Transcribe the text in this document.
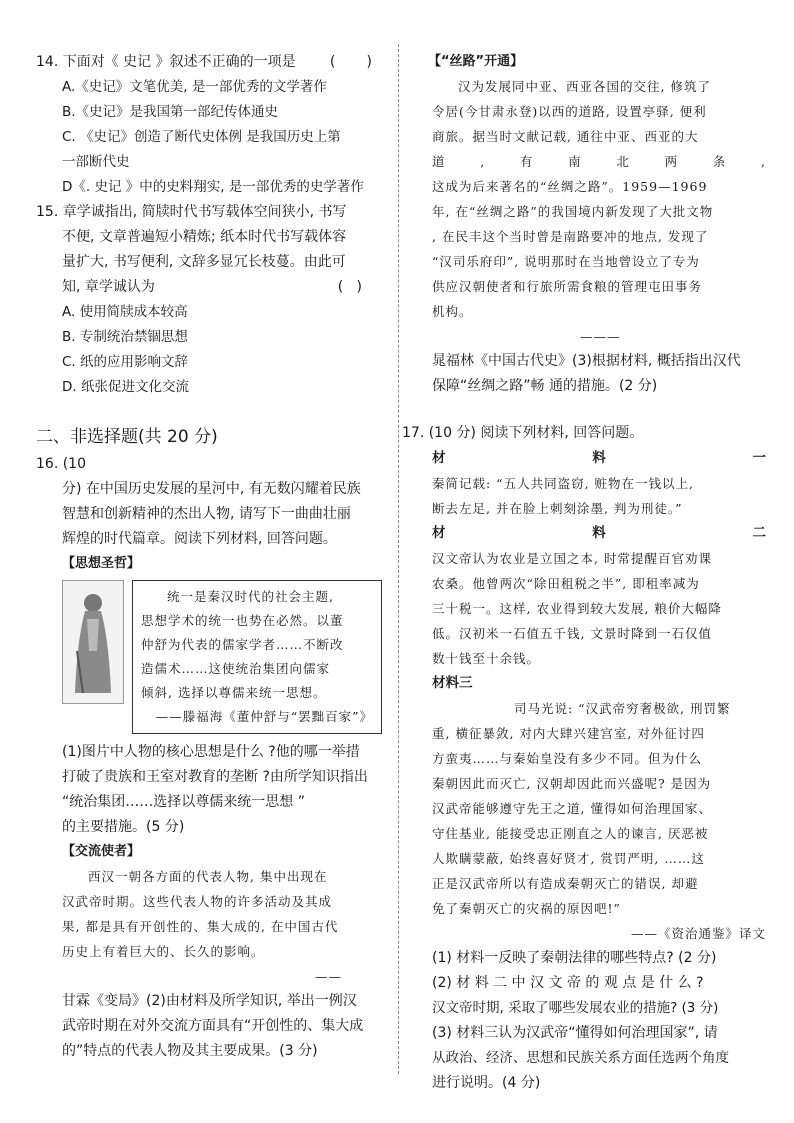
14. 下面对《 史记 》叙述不正确的一项是 (       )

A.《史记》文笔优美, 是一部优秀的文学著作

B.《史记》是我国第一部纪传体通史

C. 《史记》创造了断代史体例 是我国历史上第

一部断代史

D《. 史记 》中的史料翔实, 是一部优秀的史学著作

15. 章学诚指出, 简牍时代书写载体空间狭小, 书写

不便, 文章普遍短小精炼; 纸本时代书写载体容

量扩大, 书写便利, 文辞多显冗长枝蔓。由此可

知, 章学诚认为	(   )

A. 使用简牍成本较高

B. 专制统治禁锢思想

C. 纸的应用影响文辞

D. 纸张促进文化交流

二、非选择题(共 20 分)

16. (10

分) 在中国历史发展的星河中, 有无数闪耀着民族

智慧和创新精神的杰出人物, 请写下一曲曲壮丽

辉煌的时代篇章。阅读下列材料, 回答问题。

【思想圣哲】

统一是秦汉时代的社会主题,

思想学术的统一也势在必然。以董

仲舒为代表的儒家学者……不断改

造儒术……这使统治集团向儒家

倾斜, 选择以尊儒来统一思想。

——滕福海《董仲舒与“罢黜百家”》

(1)图片中人物的核心思想是什么 ?他的哪一举措

打破了贵族和王室对教育的垄断 ?由所学知识指出

“统治集团……选择以尊儒来统一思想 ”

的主要措施。(5 分)

【交流使者】

西汉一朝各方面的代表人物, 集中出现在

汉武帝时期。这些代表人物的许多活动及其成

果, 都是具有开创性的、集大成的, 在中国古代

历史上有着巨大的、长久的影响。

——

甘霖《变局》(2)由材料及所学知识, 举出一例汉

武帝时期在对外交流方面具有“开创性的、集大成

的”特点的代表人物及其主要成果。(3 分)

【“丝路”开通】

汉为发展同中亚、西亚各国的交往, 修筑了

令居(今甘肃永登)以西的道路, 设置亭驿, 便利

商旅。据当时文献记载, 通往中亚、西亚的大

道	,	有	南	北	两	条	,

这成为后来著名的“丝绸之路”。1959—1969

年, 在“丝绸之路”的我国境内新发现了大批文物

, 在民丰这个当时曾是南路要冲的地点, 发现了

“汉司乐府印”, 说明那时在当地曾设立了专为

供应汉朝使者和行旅所需食粮的管理屯田事务

机构。

———

晁福林《中国古代史》(3)根据材料, 概括指出汉代

保障“丝绸之路”畅 通的措施。(2 分)

17. (10 分) 阅读下列材料, 回答问题。

材	料	一

秦简记载: “五人共同盗窃, 赃物在一钱以上,

断去左足, 并在脸上刺刻涂墨, 判为刑徒。”

材	料	二

汉文帝认为农业是立国之本, 时常提醒百官劝课

农桑。他曾两次“除田租税之半”, 即租率减为

三十税一。这样, 农业得到较大发展, 粮价大幅降

低。汉初米一石值五千钱, 文景时降到一石仅值

数十钱至十余钱。

材料三

司马光说: “汉武帝穷奢极欲, 刑罚繁

重, 横征暴敛, 对内大肆兴建宫室, 对外征讨四

方蛮夷……与秦始皇没有多少不同。但为什么

秦朝因此而灭亡, 汉朝却因此而兴盛呢? 是因为

汉武帝能够遵守先王之道, 懂得如何治理国家、

守住基业, 能接受忠正刚直之人的谏言, 厌恶被

人欺瞒蒙蔽, 始终喜好贤才, 赏罚严明, ……这

正是汉武帝所以有造成秦朝灭亡的错误, 却避

免了秦朝灭亡的灾祸的原因吧!”

——《资治通鉴》译文

(1) 材料一反映了秦朝法律的哪些特点? (2 分)

(2) 材 料 二 中 汉 文 帝 的 观 点 是 什 么 ?

汉文帝时期, 采取了哪些发展农业的措施? (3 分)

(3) 材料三认为汉武帝“懂得如何治理国家”, 请

从政治、经济、思想和民族关系方面任选两个角度

进行说明。(4 分)
